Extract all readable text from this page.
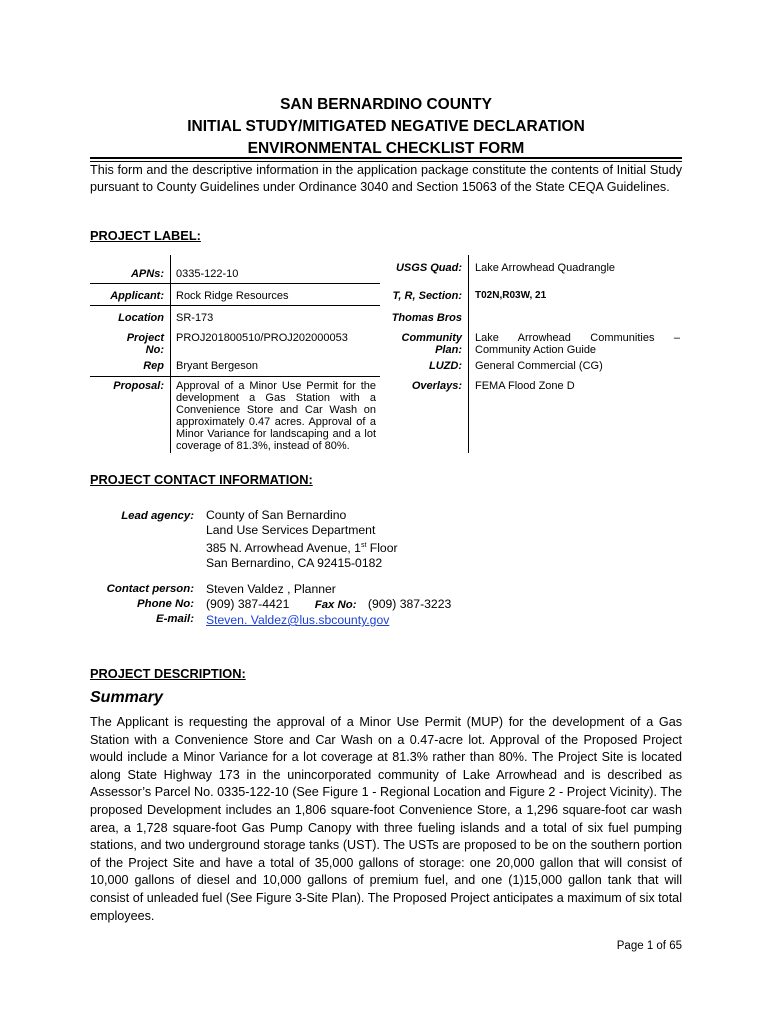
SAN BERNARDINO COUNTY
INITIAL STUDY/MITIGATED NEGATIVE DECLARATION
ENVIRONMENTAL CHECKLIST FORM
This form and the descriptive information in the application package constitute the contents of Initial Study pursuant to County Guidelines under Ordinance 3040 and Section 15063 of the State CEQA Guidelines.
PROJECT LABEL:
APNs: 0335-122-10
Applicant: Rock Ridge Resources
Location SR-173
Project
No:
PROJ201800510/PROJ202000053
Rep Bryant Bergeson
Proposal: Approval of a Minor Use Permit for the development a Gas Station with a Convenience Store and Car Wash on approximately 0.47 acres. Approval of a Minor Variance for landscaping and a lot coverage of 81.3%, instead of 80%.
USGS Quad: Lake Arrowhead Quadrangle
T, R, Section: T02N,R03W, 21
Thomas Bros
Community
Plan:
Lake Arrowhead Communities – Community Action Guide
LUZD: General Commercial (CG)
Overlays: FEMA Flood Zone D
PROJECT CONTACT INFORMATION:
Lead agency: County of San Bernardino
Land Use Services Department
385 N. Arrowhead Avenue, 1st Floor
San Bernardino, CA 92415-0182
Contact person:
Phone No:
E-mail:
Steven Valdez , Planner
(909) 387-4421 Fax No: (909) 387-3223
Steven. Valdez@lus.sbcounty.gov
PROJECT DESCRIPTION:
Summary
The Applicant is requesting the approval of a Minor Use Permit (MUP) for the development of a Gas Station with a Convenience Store and Car Wash on a 0.47-acre lot. Approval of the Proposed Project would include a Minor Variance for a lot coverage at 81.3% rather than 80%. The Project Site is located along State Highway 173 in the unincorporated community of Lake Arrowhead and is described as Assessor’s Parcel No. 0335-122-10 (See Figure 1 - Regional Location and Figure 2 - Project Vicinity). The proposed Development includes an 1,806 square-foot Convenience Store, a 1,296 square-foot car wash area, a 1,728 square-foot Gas Pump Canopy with three fueling islands and a total of six fuel pumping stations, and two underground storage tanks (UST). The USTs are proposed to be on the southern portion of the Project Site and have a total of 35,000 gallons of storage: one 20,000 gallon that will consist of 10,000 gallons of diesel and 10,000 gallons of premium fuel, and one (1)15,000 gallon tank that will consist of unleaded fuel (See Figure 3-Site Plan). The Proposed Project anticipates a maximum of six total employees.
Page 1 of 65
